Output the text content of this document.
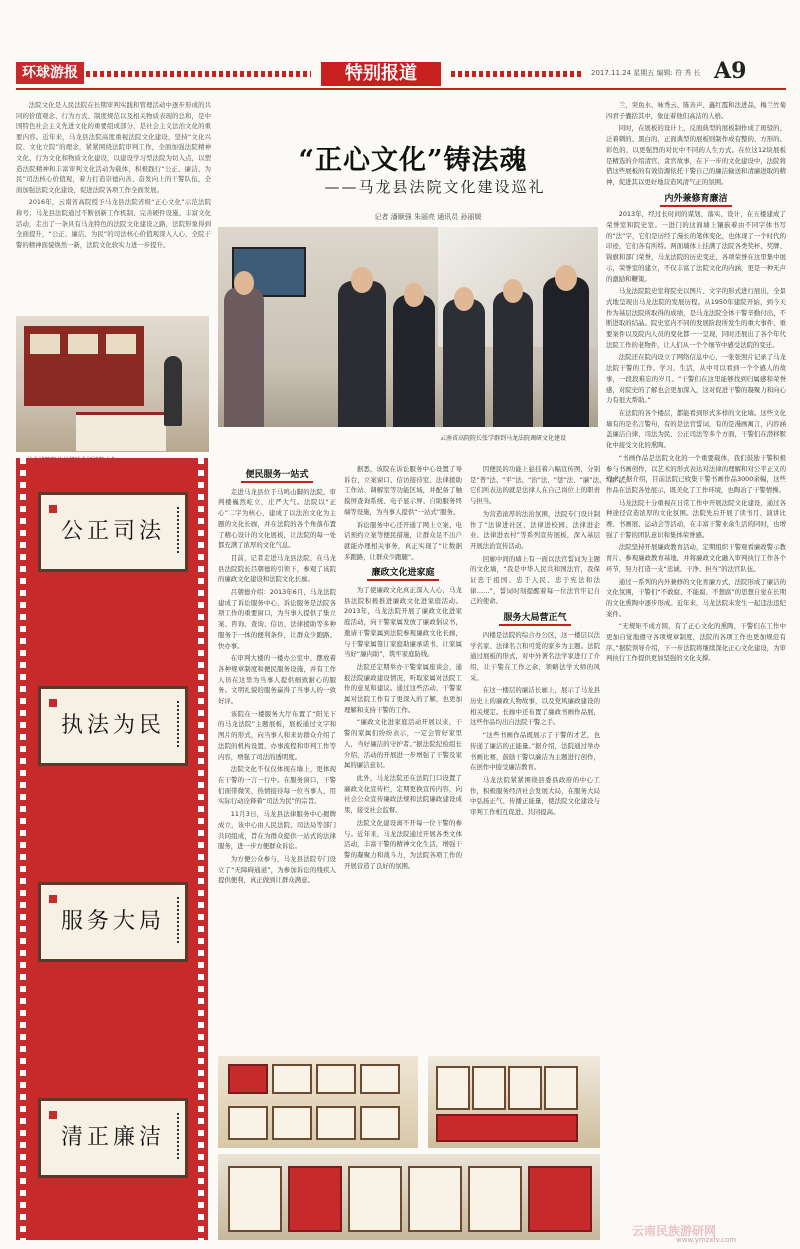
环球游报	特别报道	2017.11.24 星期五 编辑: 符 秀 长 A9

法院文化是人民法院在长期审判实践和管理活动中逐步形成的共同的价值观念、行为方式、制度规范以及相关物质表现的总和，是中国特色社会主义先进文化的重要组成部分，是社会主义法治文化的重要内容。近年来，马龙县法院高度重视法院文化建设，坚持“文化兴院、文化立院”的理念，紧紧围绕法院审判工作，全面加强法院精神文化、行为文化和物质文化建设，以建设学习型法院为切入点，以塑造法院精神和丰富审判文化活动为载体，积极践行“公正、廉洁、为民”司法核心价值观，着力打造崇德向善、奋发向上的干警队伍，全面加强法院文化建设，促进法院各项工作全面发展。

2016年，云南省高院授予马龙县法院省级“正心文化”示范法院称号；马龙县法院通过不断创新工作机制、完善硬件设施、丰富文化活动，走出了一条具有马龙特色的法院文化建设之路，法院形象得到全面提升，“公正、廉洁、为民”的司法核心价值观深入人心，全院干警的精神面貌焕然一新，法院文化软实力进一步提升。

“正心文化”铸法魂
——马龙县法院文化建设巡礼
记者 潘顺强 朱丽亮 通讯员 孙丽媛
云南省高院院长张学群到马龙法院调研文化建设

兰、突鱼水、咏秀云、陈善声、鑫红霞和法进品，梅兰竹菊四君子囊括其中，象征着他们高洁的人格。

同时，在展板的设计上，反面典型的展板制作成了斑驳的、泛着刺的、黑白的，正面典型的展板则制作成有整的、方形的、彩色的，以更强烈的对比中不同的人生方式。在位这12块展板是精选的介绍清官、贪官故事，在下一步的文化建设中，法院将借这些展板的有效资源依托干警自己的廉洁输送和清廉进取的精神，促进其以更好地营造风清气正的氛围。

内外兼修育廉洁

2013年，经过长时间的谋划，落实、设计，在五楼建成了荣誉室和院史室。一进门的这面墙上镶嵌着由不同字体书写的“法”字，它们是历经了漫长的笔体变化，也体现了一个时代的印迹，它们各有所特。两面墙体上挂满了法院各类奖杯、奖牌、锦旗和部门荣誉，马龙法院的历史变迁、各项荣誉在这里集中展示，荣誉室的建立，不仅丰富了法院文化的内涵，更是一种无声的激励和鞭策。

马龙法院院史室将院史以图片、文字的形式进行展出，全景式地呈现出马龙法院的发展历程。从1950年建院开始，到今天作为基层法院所取得的成绩，是马龙法院全体干警辛勤付出、不断进取的结晶。院史室内不同的发展阶段所发生的重大事件、重要案件以及院内人员的变化都一一呈现，同时还展出了各个年代法院工作的老物件，让人们从一个个细节中感受法院的变迁。

法院还在院内设立了网络信息中心，一张张照片记录了马龙法院干警的工作、学习、生活，从中可以看到一个个感人的故事，一段段难忘的岁月。“干警们在这里能够找到归属感和荣誉感，对院史的了解也会更加深入，这对促进干警的凝聚力和向心力有很大帮助。”

在法院的各个楼层，都能看到形式多样的文化墙。这些文化墙有的是名言警句，有的是法官誓词，有的是漫画寓言，内容涵盖廉洁自律、司法为民、公正司法等多个方面，干警们在潜移默化中接受文化的熏陶。

“书画作品是法院文化的一个重要载体，我们鼓励干警积极参与书画创作，以艺术的形式表达对法律的理解和对公平正义的追求。”据介绍，目前法院已收集干警书画作品3000余幅，这些作品在法院各处展示，既美化了工作环境，也陶冶了干警情操。

马龙法院十分重视在日常工作中开展法院文化建设，通过各种途径营造浓厚的文化氛围。法院先后开展了读书月、演讲比赛、书画展、运动会等活动，在丰富干警业余生活的同时，也增强了干警的团队意识和集体荣誉感。

法院坚持开展廉政教育活动，定期组织干警观看廉政警示教育片、参观廉政教育基地，并将廉政文化融入审判执行工作各个环节，努力打造一支“忠诚、干净、担当”的法官队伍。

通过一系列的内外兼修的文化育廉方式，法院形成了廉洁的文化氛围，干警们“不敢腐、不能腐、不想腐”的思想自觉在长期的文化熏陶中逐步形成。近年来，马龙法院未发生一起违法违纪案件。

“无规矩不成方圆，有了正心文化的熏陶，干警们在工作中更加自觉地遵守各项规章制度，法院的各项工作也更加规范有序。”据院领导介绍，下一步法院将继续深化正心文化建设，为审判执行工作提供更加坚强的文化支撑。

公正司法
执法为民
服务大局
清正廉洁
便民服务一站式

走进马龙县位于马鸣山脚的法院，审判楼巍然屹立，庄严大气。法院以“正心”二字为核心，建成了以法治文化为主题的文化长廊，并在法院的各个角落布置了精心设计的文化展板，让法院的每一处都充满了浓厚的文化气息。

目前，记者走进马龙县法院，在马龙县法院院长吕朝德的引领下，参观了该院的廉政文化建设和法院文化长廊。

吕朝德介绍：2013年6月，马龙法院建成了诉讼服务中心，诉讼服务是法院各项工作的重要窗口，为当事人提供了集立案、咨询、查询、信访、法律援助等多种服务于一体的便利条件，让群众少跑路、快办事。

在审判大楼的一楼办公室中，摆放着各种规章制度和便民服务设施，并有工作人员在这里为当事人提供细致耐心的服务。文明礼貌的服务赢得了当事人的一致好评。

该院在一楼服务大厅布置了“阳光下的马龙法院”主题展板，展板通过文字和图片的形式，向当事人和来访群众介绍了法院的机构设置、办事流程和审判工作等内容，增强了司法的透明度。

法院文化不仅仅体现在墙上，更体现在干警的一言一行中。在服务窗口，干警们面带微笑，热情接待每一位当事人，用实际行动诠释着“司法为民”的宗旨。

11月3日，马龙县法律服务中心揭牌成立，该中心由人民法院、司法局等部门共同组成，旨在为群众提供一站式的法律服务，进一步方便群众诉讼。

为方便公众参与，马龙县法院专门设立了“无障碍通道”，为参加诉讼的残疾人提供便利，真正做到让群众满意。

据悉，该院在诉讼服务中心设置了导诉台、立案窗口、信访接待室、法律援助工作站、调解室等功能区域，并配备了触摸屏查询系统、电子显示屏、自助服务终端等设施，为当事人提供“一站式”服务。

诉讼服务中心还开通了网上立案、电话预约立案等便民措施，让群众足不出户就能办理相关事务，真正实现了“让数据多跑路，让群众少跑腿”。

廉政文化进家庭

为了使廉政文化真正深入人心，马龙县法院积极推进廉政文化进家庭活动。2013年，马龙法院开展了廉政文化进家庭活动，向干警家属发放了廉政倡议书，邀请干警家属到法院参观廉政文化长廊，与干警家属签订家庭助廉承诺书，让家属当好“廉内助”，筑牢家庭防线。

法院还定期举办干警家属座谈会，通报法院廉政建设情况，听取家属对法院工作的意见和建议。通过这些活动，干警家属对法院工作有了更深入的了解，也更加理解和支持干警的工作。

“廉政文化进家庭活动开展以来，干警的家属们纷纷表示，一定会管好家里人，当好廉洁的守护者。”据法院纪检组长介绍，活动的开展进一步增强了干警及家属的廉洁意识。

此外，马龙法院还在法院门口设置了廉政文化宣传栏，定期更换宣传内容，向社会公众宣传廉政法规和法院廉政建设成果，接受社会监督。

法院文化建设离不开每一位干警的参与。近年来，马龙法院通过开展各类文体活动，丰富干警的精神文化生活，增强干警的凝聚力和战斗力，为法院各项工作的开展营造了良好的氛围。

因便民的功能上悬挂着六幅宣传图，分别是“普”法、“平”法、“治”法、“惩”法、“廉”法、“育”法，它们所表达的就是法律人在自己岗位上的职责与担当。

为营造浓厚的法治氛围，法院专门设计制作了“法律进社区、法律进校园、法律进企业、法律进农村”等系列宣传展板，深入基层开展法治宣传活动。

回廊中间的墙上有一面以法官誓词为主题的文化墙，“我是中华人民共和国法官，我保证忠于祖国、忠于人民、忠于宪法和法律……”，誓词时刻提醒着每一位法官牢记自己的使命。

服务大局营正气

四楼是法院的综合办公区，这一楼层以法学名家、法律名言和可爱的家乡为主题。法院通过展板的形式，对中外著名法学家进行了介绍，让干警在工作之余，领略法学大师的风采。

在这一楼层的廉洁长廊上，展示了马龙县历史上的廉政人物故事，以及党风廉政建设的相关规定。长廊中还布置了廉政书画作品展，这些作品均出自法院干警之手。

“这些书画作品既展示了干警的才艺，也传递了廉洁的正能量。”据介绍，法院通过举办书画比赛，鼓励干警以廉洁为主题进行创作，在创作中接受廉洁教育。

马龙法院紧紧围绕县委县政府的中心工作，积极服务经济社会发展大局，在服务大局中弘扬正气、传播正能量，使法院文化建设与审判工作相互促进、共同提高。

云南民族游研网
www.ymzxlv.com
